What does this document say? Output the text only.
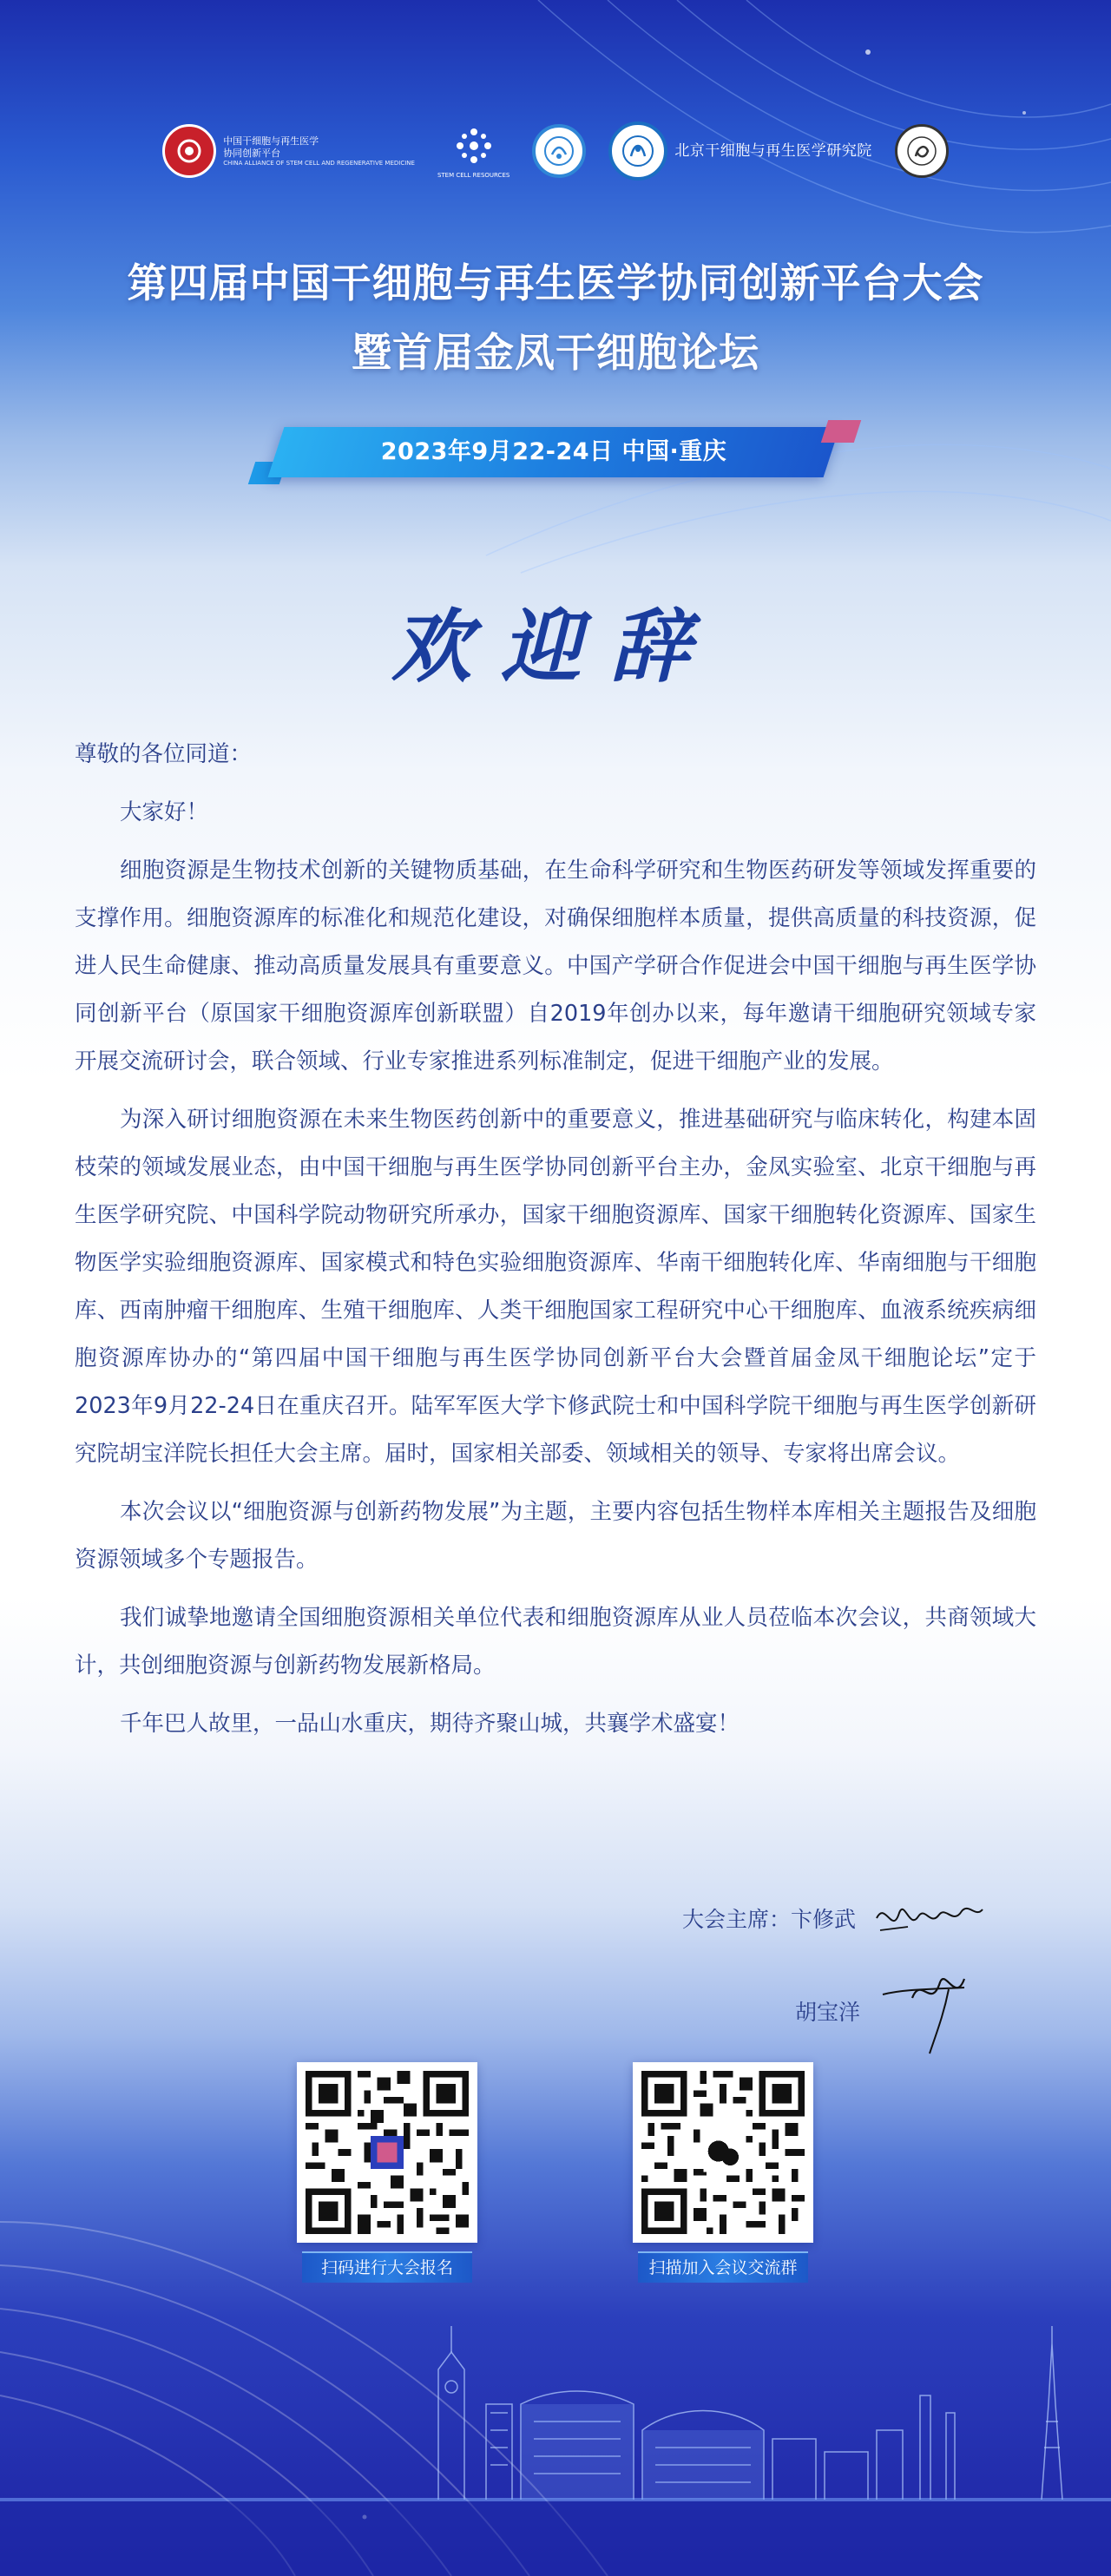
中国干细胞与再生医学
协同创新平台
CHINA ALLIANCE OF STEM CELL AND REGENERATIVE MEDICINE
STEM CELL RESOURCES
北京干细胞与再生医学研究院
第四届中国干细胞与再生医学协同创新平台大会
暨首届金凤干细胞论坛
2023年9月22-24日 中国·重庆
欢迎辞

尊敬的各位同道：

大家好！

细胞资源是生物技术创新的关键物质基础，在生命科学研究和生物医药研发等领域发挥重要的支撑作用。细胞资源库的标准化和规范化建设，对确保细胞样本质量，提供高质量的科技资源，促进人民生命健康、推动高质量发展具有重要意义。中国产学研合作促进会中国干细胞与再生医学协同创新平台（原国家干细胞资源库创新联盟）自2019年创办以来，每年邀请干细胞研究领域专家开展交流研讨会，联合领域、行业专家推进系列标准制定，促进干细胞产业的发展。

为深入研讨细胞资源在未来生物医药创新中的重要意义，推进基础研究与临床转化，构建本固枝荣的领域发展业态，由中国干细胞与再生医学协同创新平台主办，金凤实验室、北京干细胞与再生医学研究院、中国科学院动物研究所承办，国家干细胞资源库、国家干细胞转化资源库、国家生物医学实验细胞资源库、国家模式和特色实验细胞资源库、华南干细胞转化库、华南细胞与干细胞库、西南肿瘤干细胞库、生殖干细胞库、人类干细胞国家工程研究中心干细胞库、血液系统疾病细胞资源库协办的“第四届中国干细胞与再生医学协同创新平台大会暨首届金凤干细胞论坛”定于2023年9月22-24日在重庆召开。陆军军医大学卞修武院士和中国科学院干细胞与再生医学创新研究院胡宝洋院长担任大会主席。届时，国家相关部委、领域相关的领导、专家将出席会议。

本次会议以“细胞资源与创新药物发展”为主题，主要内容包括生物样本库相关主题报告及细胞资源领域多个专题报告。

我们诚挚地邀请全国细胞资源相关单位代表和细胞资源库从业人员莅临本次会议，共商领域大计，共创细胞资源与创新药物发展新格局。

千年巴人故里，一品山水重庆，期待齐聚山城，共襄学术盛宴！

大会主席：卞修武
胡宝洋
扫码进行大会报名	扫描加入会议交流群
